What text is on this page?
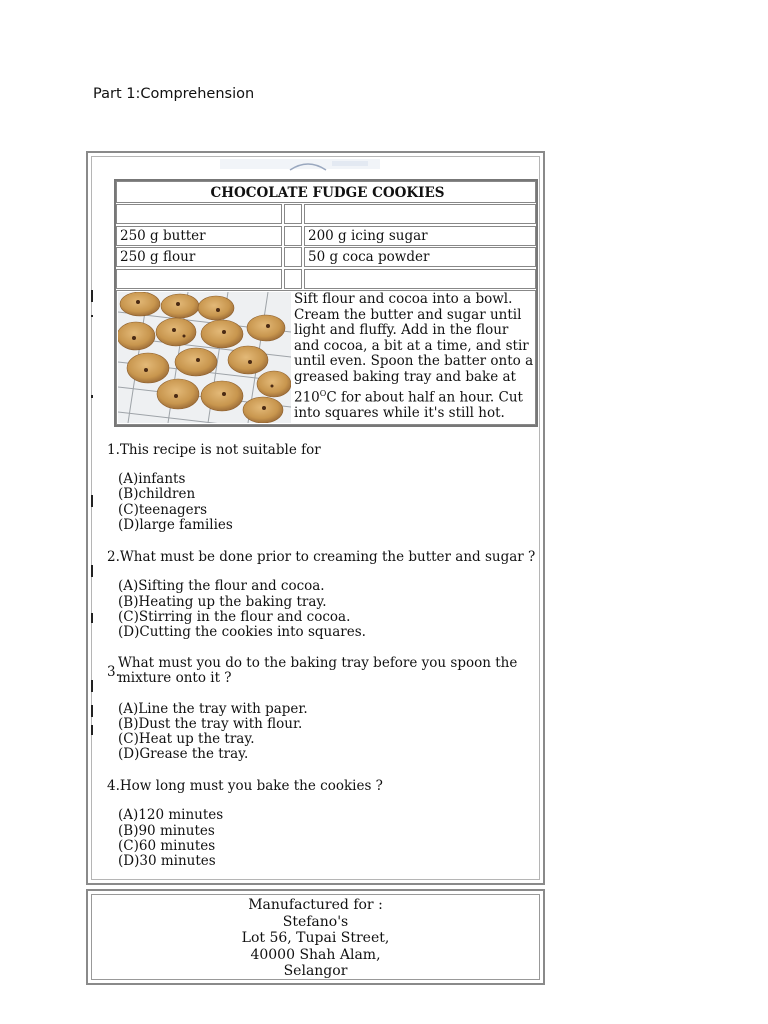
Part 1:Comprehension
CHOCOLATE FUDGE COOKIES
250 g butter	200 g icing sugar
250 g flour	50 g coca powder
Sift flour and cocoa into a bowl. Cream the butter and sugar until light and fluffy. Add in the flour and cocoa, a bit at a time, and stir until even. Spoon the batter onto a greased baking tray and bake at $210^OC$ for about half an hour. Cut into squares while it's still hot.
1.This recipe is not suitable for
(A)infants
(B)children
(C)teenagers
(D)large families
2.What must be done prior to creaming the butter and sugar ?
(A)Sifting the flour and cocoa.
(B)Heating up the baking tray.
(C)Stirring in the flour and cocoa.
(D)Cutting the cookies into squares.
3.
What must you do to the baking tray before you spoon the
mixture onto it ?
(A)Line the tray with paper.
(B)Dust the tray with flour.
(C)Heat up the tray.
(D)Grease the tray.
4.How long must you bake the cookies ?
(A)120 minutes
(B)90 minutes
(C)60 minutes
(D)30 minutes
Manufactured for :
Stefano's
Lot 56, Tupai Street,
40000 Shah Alam,
Selangor
